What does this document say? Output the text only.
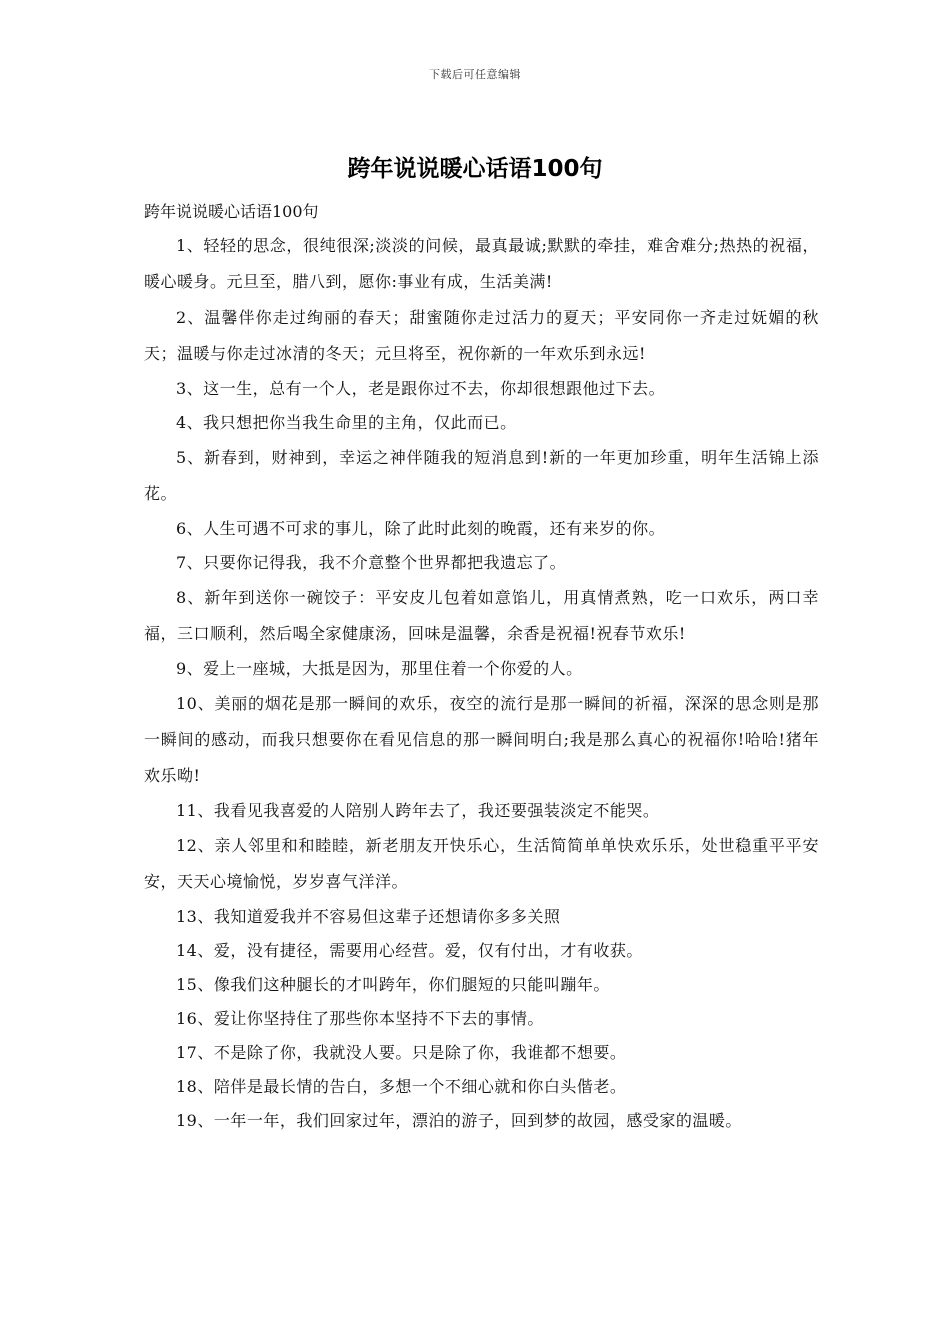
下载后可任意编辑
跨年说说暖心话语100句

跨年说说暖心话语100句

1、轻轻的思念，很纯很深;淡淡的问候，最真最诚;默默的牵挂，难舍难分;热热的祝福，暖心暖身。元旦至，腊八到，愿你:事业有成，生活美满!

2、温馨伴你走过绚丽的春天；甜蜜随你走过活力的夏天；平安同你一齐走过妩媚的秋天；温暖与你走过冰清的冬天；元旦将至，祝你新的一年欢乐到永远!

3、这一生，总有一个人，老是跟你过不去，你却很想跟他过下去。

4、我只想把你当我生命里的主角，仅此而已。

5、新春到，财神到，幸运之神伴随我的短消息到!新的一年更加珍重，明年生活锦上添花。

6、人生可遇不可求的事儿，除了此时此刻的晚霞，还有来岁的你。

7、只要你记得我，我不介意整个世界都把我遗忘了。

8、新年到送你一碗饺子：平安皮儿包着如意馅儿，用真情煮熟，吃一口欢乐，两口幸福，三口顺利，然后喝全家健康汤，回味是温馨，余香是祝福!祝春节欢乐!

9、爱上一座城，大抵是因为，那里住着一个你爱的人。

10、美丽的烟花是那一瞬间的欢乐，夜空的流行是那一瞬间的祈福，深深的思念则是那一瞬间的感动，而我只想要你在看见信息的那一瞬间明白;我是那么真心的祝福你!哈哈!猪年欢乐呦!

11、我看见我喜爱的人陪别人跨年去了，我还要强装淡定不能哭。

12、亲人邻里和和睦睦，新老朋友开快乐心，生活简简单单快欢乐乐，处世稳重平平安安，天天心境愉悦，岁岁喜气洋洋。

13、我知道爱我并不容易但这辈子还想请你多多关照

14、爱，没有捷径，需要用心经营。爱，仅有付出，才有收获。

15、像我们这种腿长的才叫跨年，你们腿短的只能叫蹦年。

16、爱让你坚持住了那些你本坚持不下去的事情。

17、不是除了你，我就没人要。只是除了你，我谁都不想要。

18、陪伴是最长情的告白，多想一个不细心就和你白头偕老。

19、一年一年，我们回家过年，漂泊的游子，回到梦的故园，感受家的温暖。
